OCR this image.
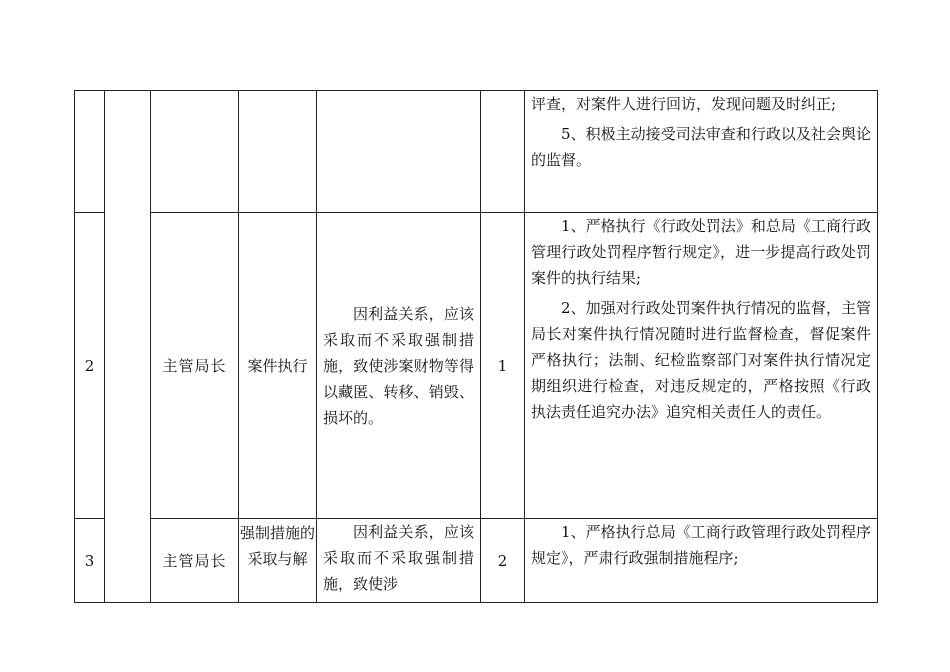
						评查，对案件人进行回访，发现问题及时纠正;

5、积极主动接受司法审查和行政以及社会舆论的监督。

2		主管局长	案件执行	因利益关系，应该采取而不采取强制措施，致使涉案财物等得以藏匿、转移、销毁、损坏的。	1	1、严格执行《行政处罚法》和总局《工商行政管理行政处罚程序暂行规定》，进一步提高行政处罚案件的执行结果;

2、加强对行政处罚案件执行情况的监督，主管局长对案件执行情况随时进行监督检查，督促案件严格执行；法制、纪检监察部门对案件执行情况定期组织进行检查，对违反规定的，严格按照《行政执法责任追究办法》追究相关责任人的责任。

3		主管局长	强制措施的采取与解	因利益关系，应该采取而不采取强制措施，致使涉	2	1、严格执行总局《工商行政管理行政处罚程序规定》，严肃行政强制措施程序;
